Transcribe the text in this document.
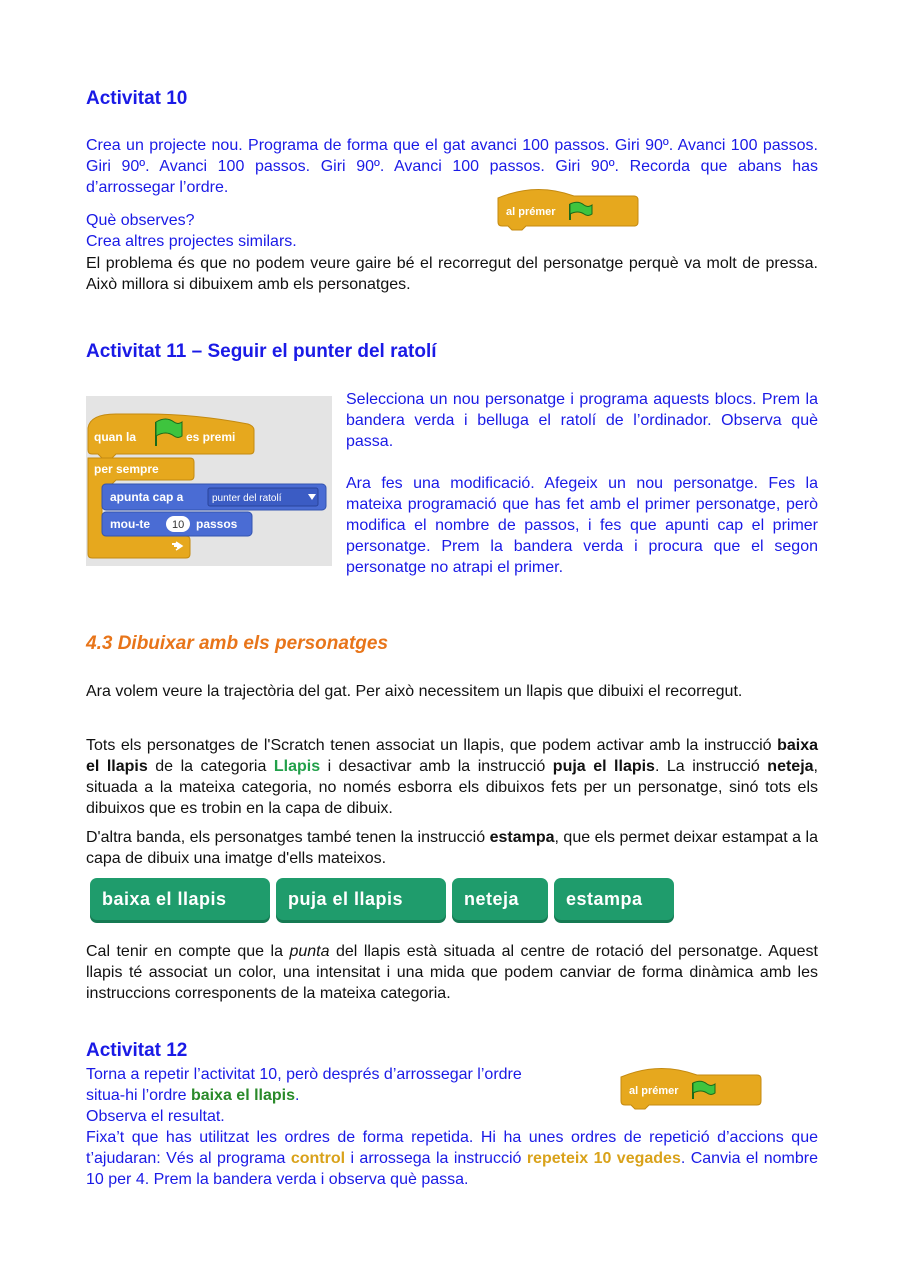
Activitat 10

Crea un projecte nou. Programa de forma que el gat avanci 100 passos. Giri 90º. Avanci 100 passos. Giri 90º. Avanci 100 passos. Giri 90º. Avanci 100 passos. Giri 90º. Recorda que abans has d’arrossegar l’ordre.

Què observes?

Crea altres projectes similars.

El problema és que no podem veure gaire bé el recorregut del personatge perquè va molt de pressa. Això millora si dibuixem amb els personatges.

al prémer
Activitat 11 – Seguir el punter del ratolí
quan la	es premi
per sempre
apunta cap a	punter del ratolí
mou-te 10 passos

Selecciona un nou personatge i programa aquests blocs. Prem la bandera verda i belluga el ratolí de l’ordinador. Observa què passa.

Ara fes una modificació. Afegeix un nou personatge. Fes la mateixa programació que has fet amb el primer personatge, però modifica el nombre de passos, i fes que apunti cap el primer personatge. Prem la bandera verda i procura que el segon personatge no atrapi el primer.

4.3 Dibuixar amb els personatges

Ara volem veure la trajectòria del gat. Per això necessitem un llapis que dibuixi el recorregut.

Tots els personatges de l'Scratch tenen associat un llapis, que podem activar amb la instrucció baixa el llapis de la categoria Llapis i desactivar amb la instrucció puja el llapis. La instrucció neteja, situada a la mateixa categoria, no només esborra els dibuixos fets per un personatge, sinó tots els dibuixos que es trobin en la capa de dibuix.

D'altra banda, els personatges també tenen la instrucció estampa, que els permet deixar estampat a la capa de dibuix una imatge d'ells mateixos.

baixa el llapis	puja el llapis	neteja	estampa

Cal tenir en compte que la punta del llapis està situada al centre de rotació del personatge. Aquest llapis té associat un color, una intensitat i una mida que podem canviar de forma dinàmica amb les instruccions corresponents de la mateixa categoria.

Activitat 12

Torna a repetir l’activitat 10, però després d’arrossegar l’ordre

situa-hi l’ordre baixa el llapis.

Observa el resultat.

Fixa’t que has utilitzat les ordres de forma repetida. Hi ha unes ordres de repetició d’accions que t’ajudaran: Vés al programa control i arrossega la instrucció repeteix 10 vegades. Canvia el nombre 10 per 4. Prem la bandera verda i observa què passa.

al prémer
